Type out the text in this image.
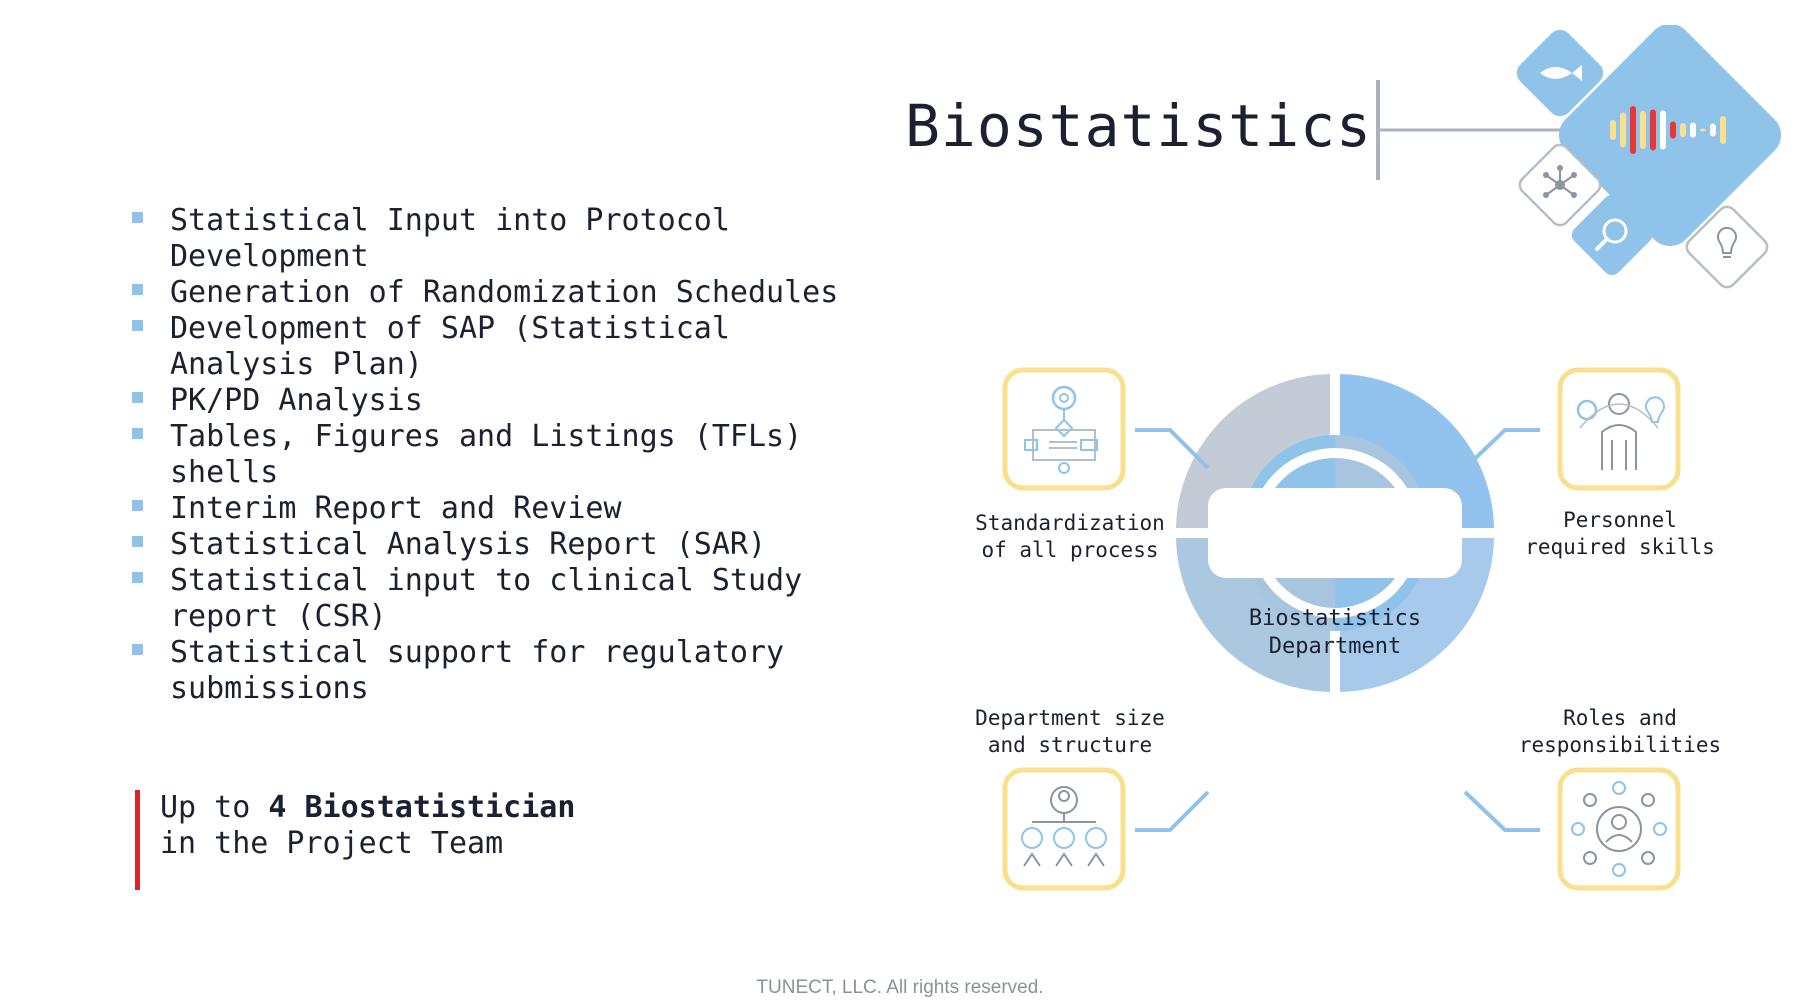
Biostatistics
Statistical Input into Protocol Development
Generation of Randomization Schedules
Development of SAP (Statistical Analysis Plan)
PK/PD Analysis
Tables, Figures and Listings (TFLs) shells
Interim Report and Review
Statistical Analysis Report (SAR)
Statistical input to clinical Study report (CSR)
Statistical support for regulatory submissions
Up to 4 Biostatistician
in the Project Team
Biostatistics
Department
Standardization
of all process
Personnel
required skills
Department size
and structure
Roles and
responsibilities
TUNECT, LLC. All rights reserved.
